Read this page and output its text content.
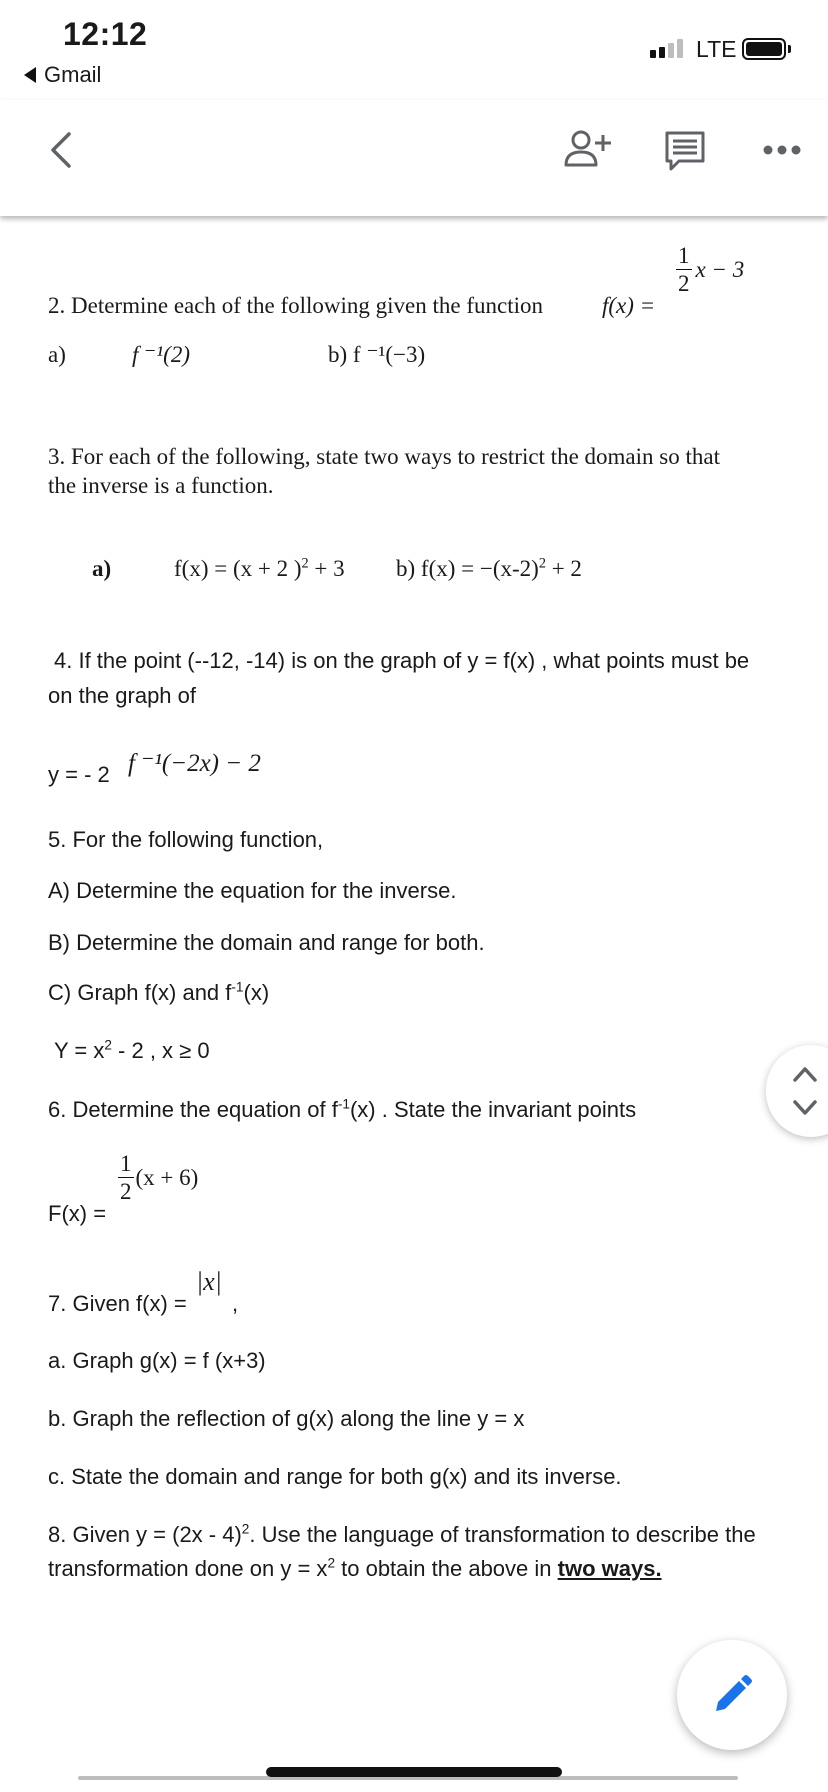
12:12
Gmail
LTE
2. Determine each of the following given the function	f(x) =
$\frac{1}{2}$ x − 3
a)	f ⁻¹(2)	b) f ⁻¹(−3)
3. For each of the following, state two ways to restrict the domain so that
the inverse is a function.
a)	f(x) = (x + 2 )$^2$ + 3 b) $f(x) = -(x-2)^2 + 2$
4. If the point (--12, -14) is on the graph of y = f(x) , what points must be
on the graph of
y = - 2 f ⁻¹(−2x) − 2
5. For the following function,
A) Determine the equation for the inverse.
B) Determine the domain and range for both.
C) Graph f(x) and $f^{-1}(x)$
$Y = x^2 - 2$ , x ≥ 0
6. Determine the equation of $f^{-1}(x)$ . State the invariant points
F(x) =
$\frac{1}{2} (x + 6)$
7. Given f(x) =
|x|
,
a. Graph g(x) = f (x+3)
b. Graph the reflection of g(x) along the line y = x
c. State the domain and range for both g(x) and its inverse.
8. Given y = (2x - 4)$^2$. Use the language of transformation to describe the
transformation done on $y = x^2$ to obtain the above in two ways.
